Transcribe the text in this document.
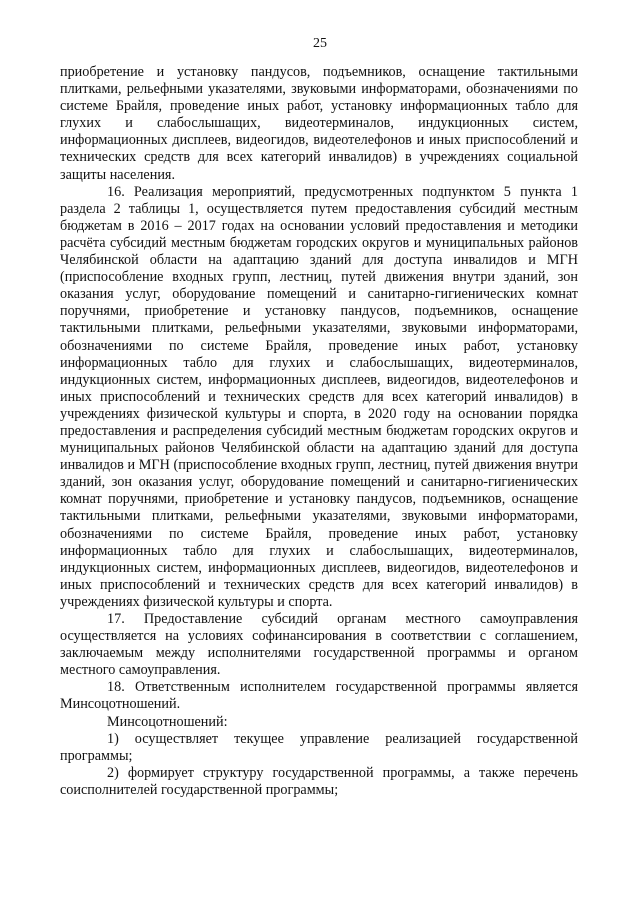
25

приобретение и установку пандусов, подъемников, оснащение тактильными плитками, рельефными указателями, звуковыми информаторами, обозначениями по системе Брайля, проведение иных работ, установку информационных табло для глухих и слабослышащих, видеотерминалов, индукционных систем, информационных дисплеев, видеогидов, видеотелефонов и иных приспособлений и технических средств для всех категорий инвалидов) в учреждениях социальной защиты населения.

16. Реализация мероприятий, предусмотренных подпунктом 5 пункта 1 раздела 2 таблицы 1, осуществляется путем предоставления субсидий местным бюджетам в 2016 – 2017 годах на основании условий предоставления и методики расчёта субсидий местным бюджетам городских округов и муниципальных районов Челябинской области на адаптацию зданий для доступа инвалидов и МГН (приспособление входных групп, лестниц, путей движения внутри зданий, зон оказания услуг, оборудование помещений и санитарно-гигиенических комнат поручнями, приобретение и установку пандусов, подъемников, оснащение тактильными плитками, рельефными указателями, звуковыми информаторами, обозначениями по системе Брайля, проведение иных работ, установку информационных табло для глухих и слабослышащих, видеотерминалов, индукционных систем, информационных дисплеев, видеогидов, видеотелефонов и иных приспособлений и технических средств для всех категорий инвалидов) в учреждениях физической культуры и спорта, в 2020 году на основании порядка предоставления и распределения субсидий местным бюджетам городских округов и муниципальных районов Челябинской области на адаптацию зданий для доступа инвалидов и МГН (приспособление входных групп, лестниц, путей движения внутри зданий, зон оказания услуг, оборудование помещений и санитарно-гигиенических комнат поручнями, приобретение и установку пандусов, подъемников, оснащение тактильными плитками, рельефными указателями, звуковыми информаторами, обозначениями по системе Брайля, проведение иных работ, установку информационных табло для глухих и слабослышащих, видеотерминалов, индукционных систем, информационных дисплеев, видеогидов, видеотелефонов и иных приспособлений и технических средств для всех категорий инвалидов) в учреждениях физической культуры и спорта.

17. Предоставление субсидий органам местного самоуправления осуществляется на условиях софинансирования в соответствии с соглашением, заключаемым между исполнителями государственной программы и органом местного самоуправления.

18. Ответственным исполнителем государственной программы является Минсоцотношений.

Минсоцотношений:

1) осуществляет текущее управление реализацией государственной программы;

2) формирует структуру государственной программы, а также перечень соисполнителей государственной программы;
